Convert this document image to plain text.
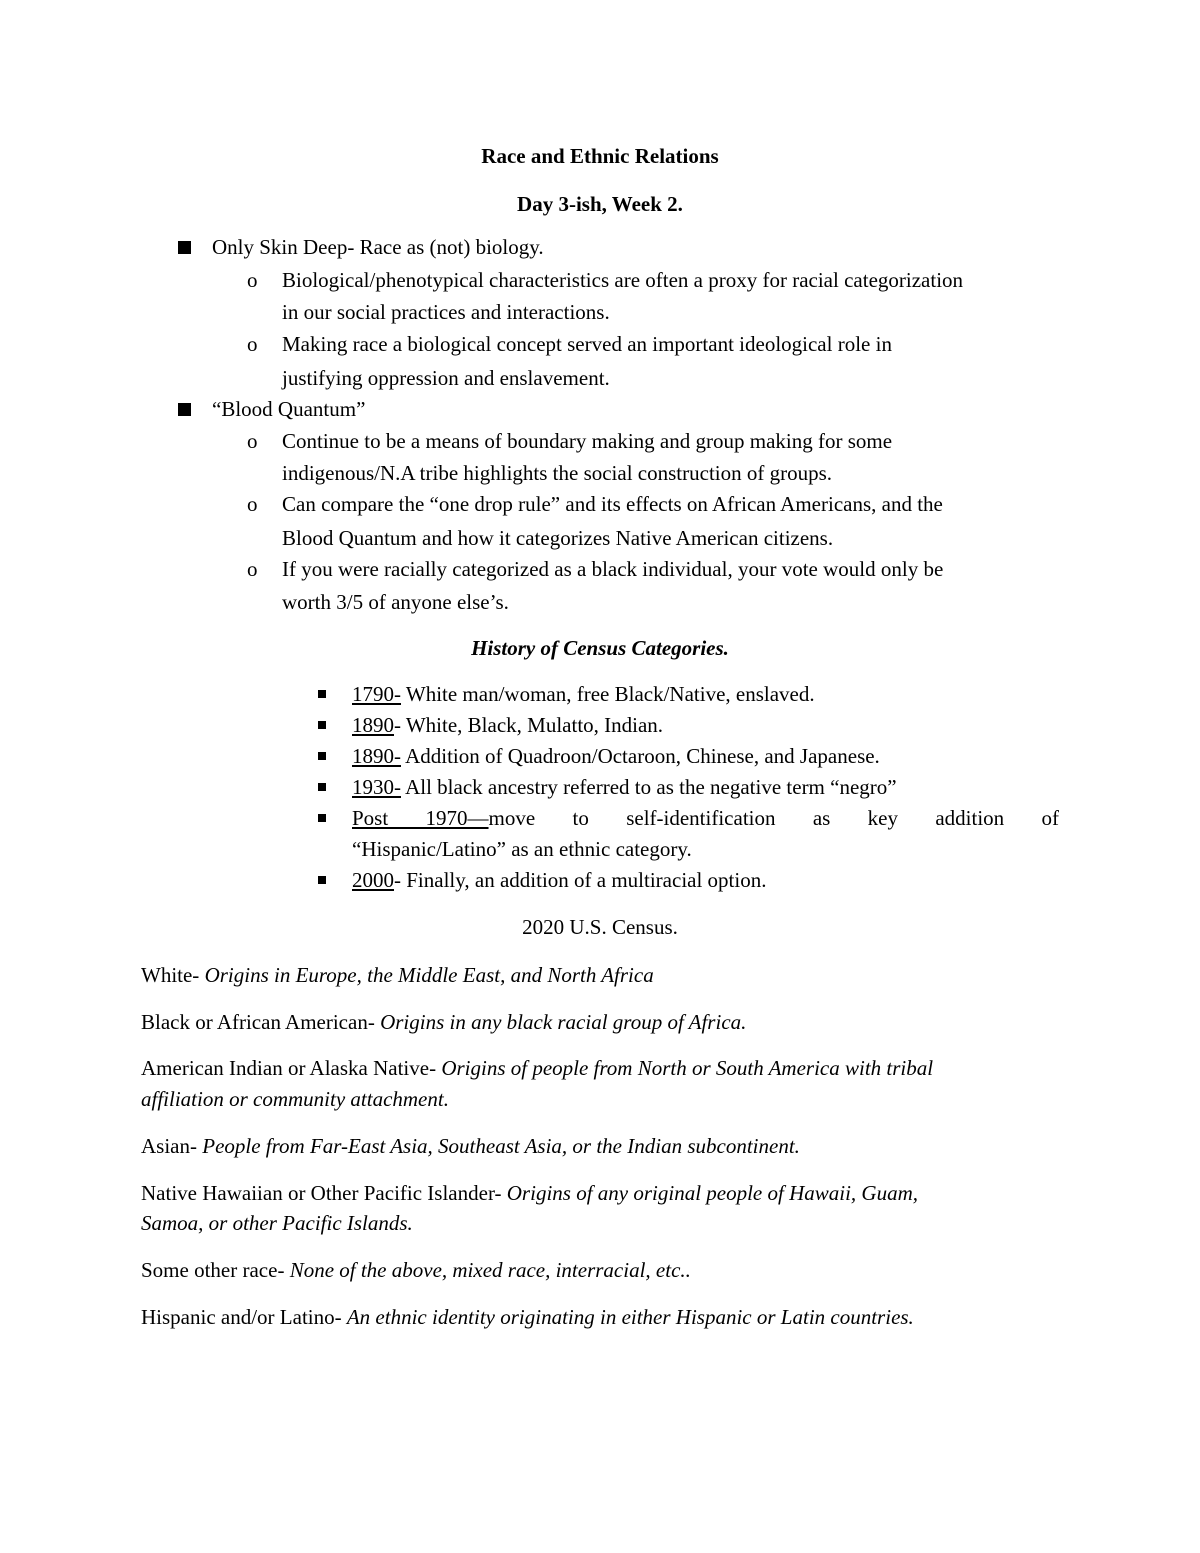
Race and Ethnic Relations
Day 3-ish, Week 2.
Only Skin Deep- Race as (not) biology.
o Biological/phenotypical characteristics are often a proxy for racial categorization
in our social practices and interactions.
o Making race a biological concept served an important ideological role in
justifying oppression and enslavement.
“Blood Quantum”
o Continue to be a means of boundary making and group making for some
indigenous/N.A tribe highlights the social construction of groups.
o Can compare the “one drop rule” and its effects on African Americans, and the
Blood Quantum and how it categorizes Native American citizens.
o If you were racially categorized as a black individual, your vote would only be
worth 3/5 of anyone else’s.
History of Census Categories.
1790- White man/woman, free Black/Native, enslaved.
1890- White, Black, Mulatto, Indian.
1890- Addition of Quadroon/Octaroon, Chinese, and Japanese.
1930- All black ancestry referred to as the negative term “negro”
Post 1970—move to self-identification as key addition of
“Hispanic/Latino” as an ethnic category.
2000- Finally, an addition of a multiracial option.
2020 U.S. Census.
White- Origins in Europe, the Middle East, and North Africa
Black or African American- Origins in any black racial group of Africa.
American Indian or Alaska Native- Origins of people from North or South America with tribal
affiliation or community attachment.
Asian- People from Far-East Asia, Southeast Asia, or the Indian subcontinent.
Native Hawaiian or Other Pacific Islander- Origins of any original people of Hawaii, Guam,
Samoa, or other Pacific Islands.
Some other race- None of the above, mixed race, interracial, etc..
Hispanic and/or Latino- An ethnic identity originating in either Hispanic or Latin countries.
